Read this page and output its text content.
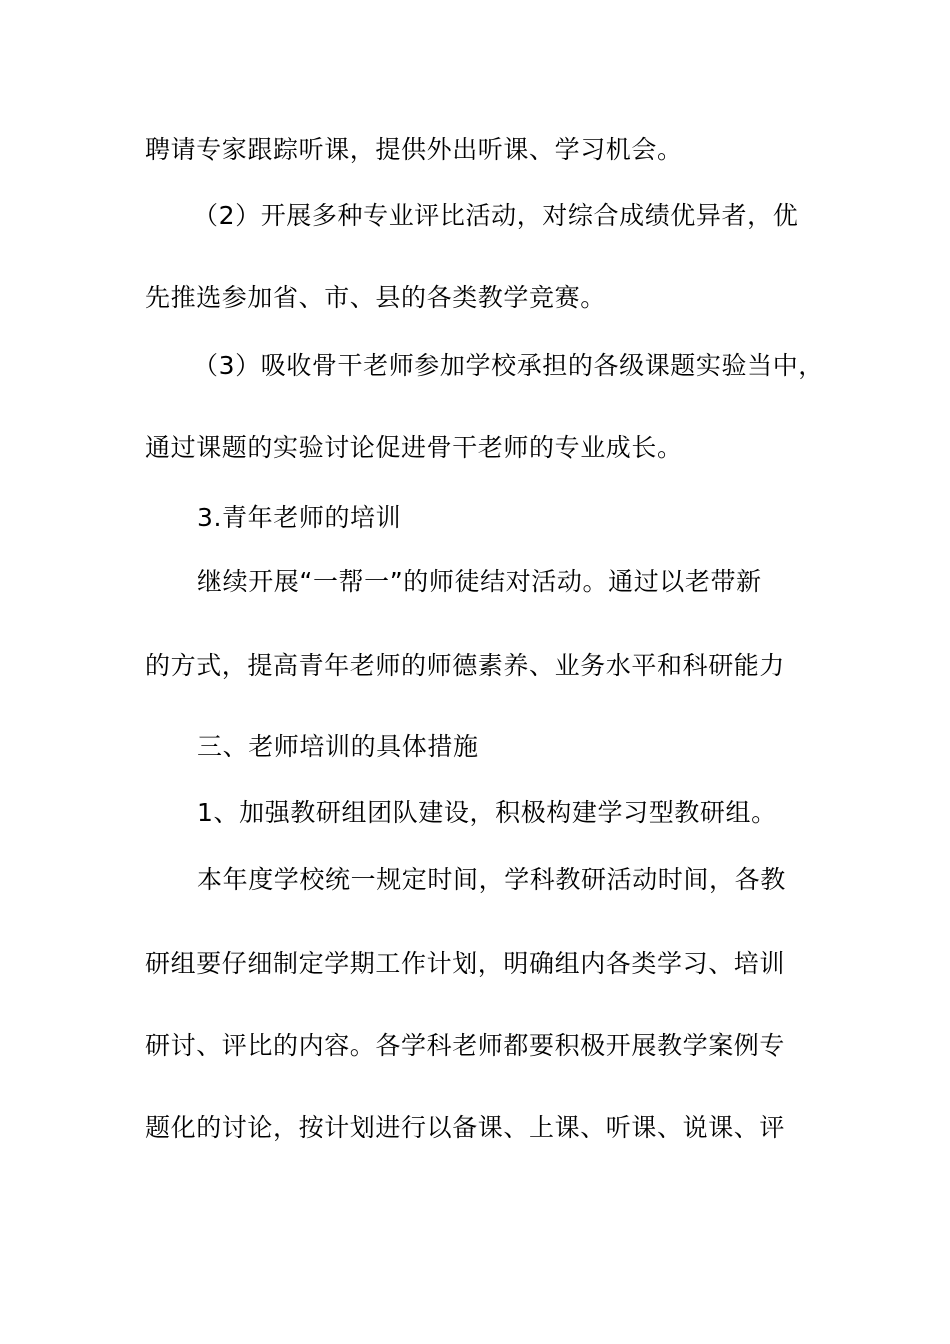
聘请专家跟踪听课，提供外出听课、学习机会。
（2）开展多种专业评比活动，对综合成绩优异者，优
先推选参加省、市、县的各类教学竞赛。
（3）吸收骨干老师参加学校承担的各级课题实验当中，
通过课题的实验讨论促进骨干老师的专业成长。
3.青年老师的培训
继续开展“一帮一”的师徒结对活动。通过以老带新
的方式，提高青年老师的师德素养、业务水平和科研能力
三、老师培训的具体措施
1、加强教研组团队建设，积极构建学习型教研组。
本年度学校统一规定时间，学科教研活动时间，各教
研组要仔细制定学期工作计划，明确组内各类学习、培训
研讨、评比的内容。各学科老师都要积极开展教学案例专
题化的讨论，按计划进行以备课、上课、听课、说课、评
